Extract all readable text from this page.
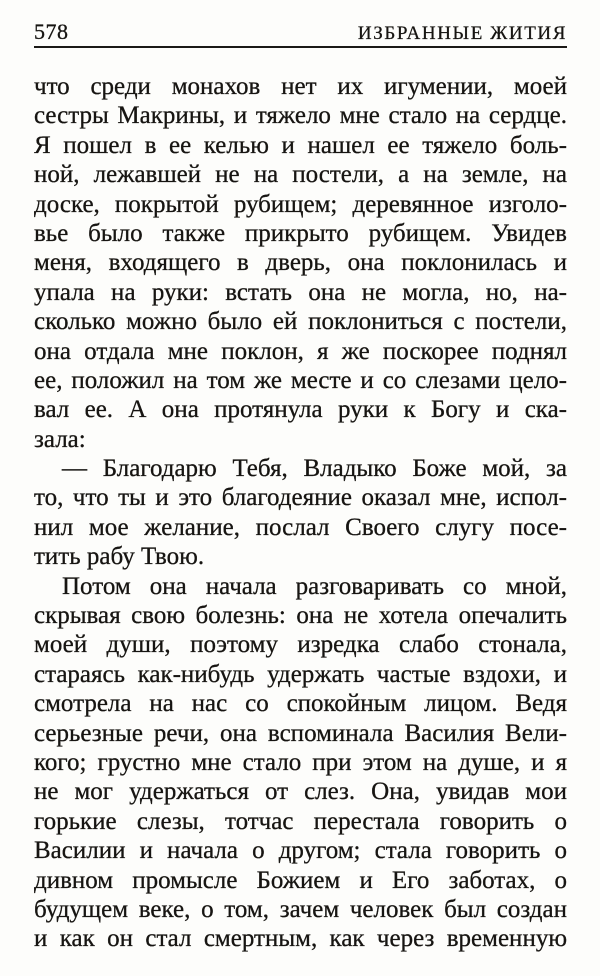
578	ИЗБРАННЫЕ ЖИТИЯ
что среди монахов нет их игумении, моей
сестры Макрины, и тяжело мне стало на сердце.
Я пошел в ее келью и нашел ее тяжело боль-
ной, лежавшей не на постели, а на земле, на
доске, покрытой рубищем; деревянное изголо-
вье было также прикрыто рубищем. Увидев
меня, входящего в дверь, она поклонилась и
упала на руки: встать она не могла, но, на-
сколько можно было ей поклониться с постели,
она отдала мне поклон, я же поскорее поднял
ее, положил на том же месте и со слезами цело-
вал ее. А она протянула руки к Богу и ска-
зала:
— Благодарю Тебя, Владыко Боже мой, за
то, что ты и это благодеяние оказал мне, испол-
нил мое желание, послал Своего слугу посе-
тить рабу Твою.
Потом она начала разговаривать со мной,
скрывая свою болезнь: она не хотела опечалить
моей души, поэтому изредка слабо стонала,
стараясь как-нибудь удержать частые вздохи, и
смотрела на нас со спокойным лицом. Ведя
серьезные речи, она вспоминала Василия Вели-
кого; грустно мне стало при этом на душе, и я
не мог удержаться от слез. Она, увидав мои
горькие слезы, тотчас перестала говорить о
Василии и начала о другом; стала говорить о
дивном промысле Божием и Его заботах, о
будущем веке, о том, зачем человек был создан
и как он стал смертным, как через временную
